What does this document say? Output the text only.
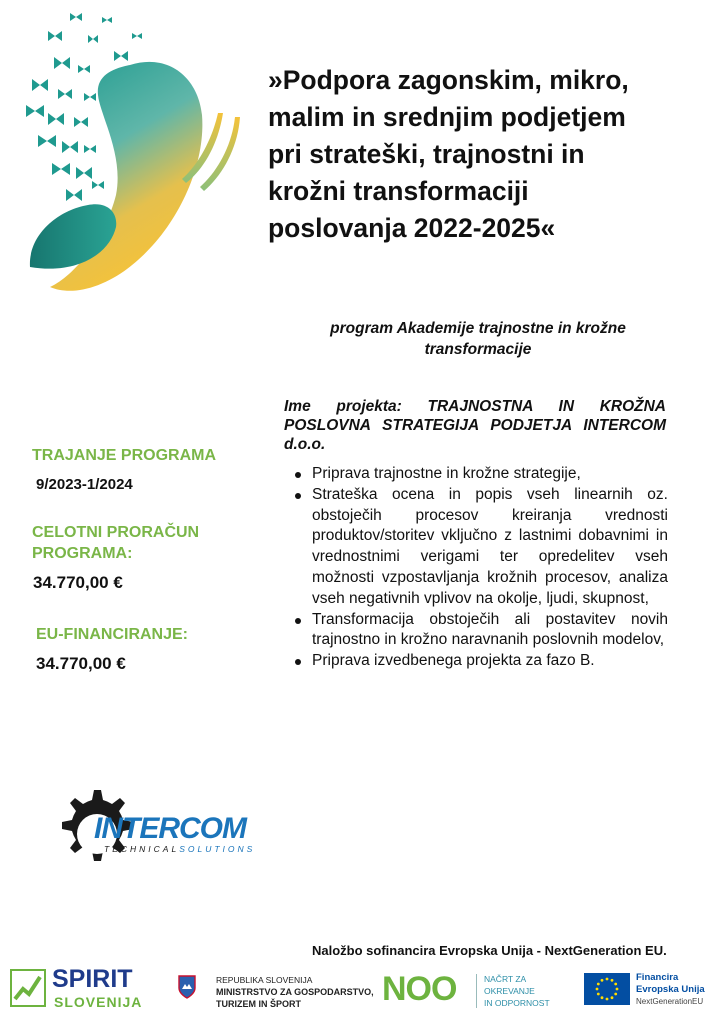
»Podpora zagonskim, mikro,
malim in srednjim podjetjem
pri strateški, trajnostni in
krožni transformaciji
poslovanja 2022-2025«
program Akademije trajnostne in krožne
transformacije
Ime projekta: TRAJNOSTNA IN KROŽNA POSLOVNA STRATEGIJA PODJETJA INTERCOM d.o.o.
Priprava trajnostne in krožne strategije,
Strateška ocena in popis vseh linearnih oz. obstoječih procesov kreiranja vrednosti produktov/storitev vključno z lastnimi dobavnimi in vrednostnimi verigami ter opredelitev vseh možnosti vzpostavljanja krožnih procesov, analiza vseh negativnih vplivov na okolje, ljudi, skupnost,
Transformacija obstoječih ali postavitev novih trajnostno in krožno naravnanih poslovnih modelov,
Priprava izvedbenega projekta za fazo B.
TRAJANJE PROGRAMA
9/2023-1/2024
CELOTNI PRORAČUN
PROGRAMA:
34.770,00 €
EU-FINANCIRANJE:
34.770,00 €
INTERCOM
TECHNICALSOLUTIONS
Naložbo sofinancira Evropska Unija - NextGeneration EU.
SPIRIT
SLOVENIJA
REPUBLIKA SLOVENIJA
MINISTRSTVO ZA GOSPODARSTVO,
TURIZEM IN ŠPORT NOO	NAČRT ZA
OKREVANJE
IN ODPORNOST
Financira
Evropska Unija
NextGenerationEU
